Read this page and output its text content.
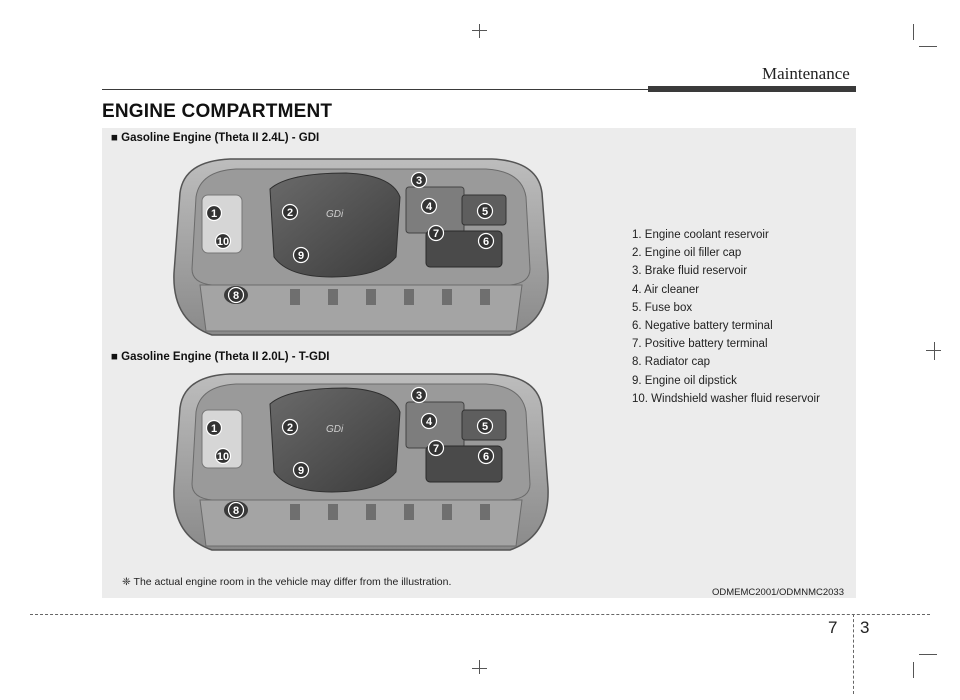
Maintenance
ENGINE COMPARTMENT
■ Gasoline Engine (Theta II 2.4L) - GDI
GDi
1	2
3
4	5
6
7
8
9
10
■ Gasoline Engine (Theta II 2.0L) - T-GDI
GDi
1	2
3
4	5
6
7
8
9
10
1. Engine coolant reservoir
2. Engine oil filler cap
3. Brake fluid reservoir
4. Air cleaner
5. Fuse box
6. Negative battery terminal
7. Positive battery terminal
8. Radiator cap
9. Engine oil dipstick
10. Windshield washer fluid reservoir
❈ The actual engine room in the vehicle may differ from the illustration.
ODMEMC2001/ODMNMC2033
7 3
